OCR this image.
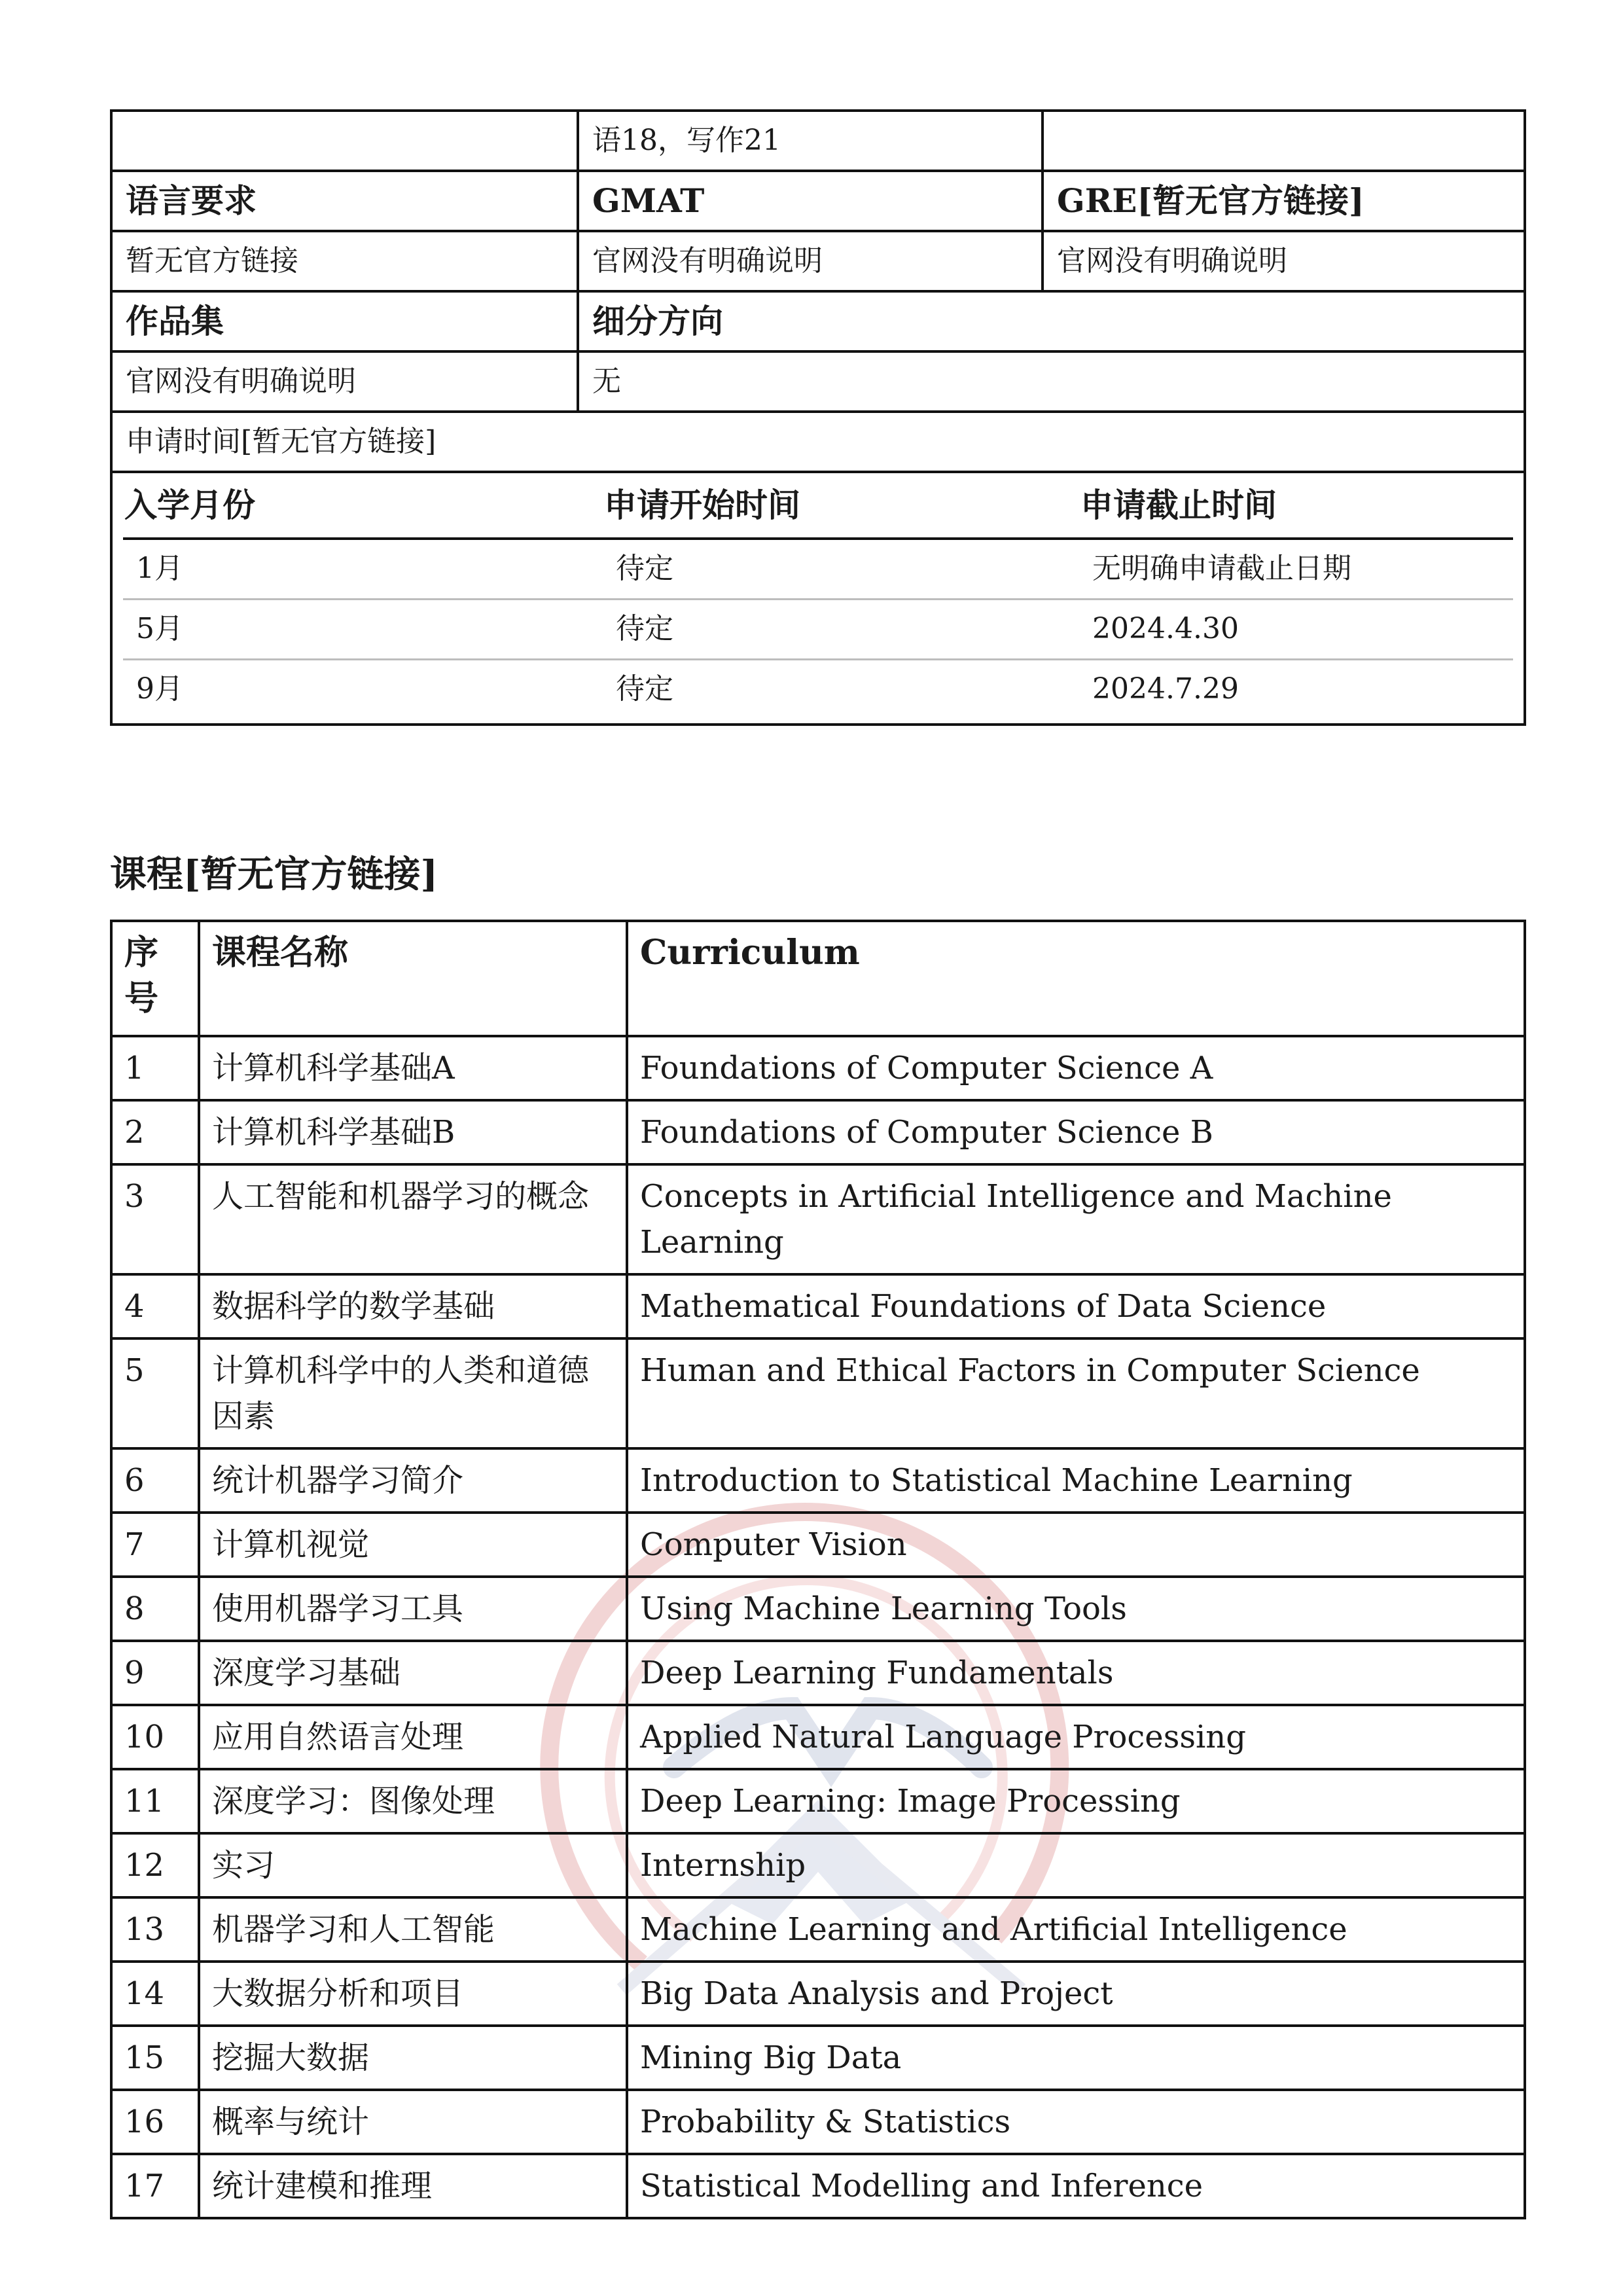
	语18，写作21	
语言要求	GMAT	GRE[暂无官方链接]
暂无官方链接	官网没有明确说明	官网没有明确说明
作品集	细分方向
官网没有明确说明	无
申请时间[暂无官方链接]

入学月份	申请开始时间	申请截止时间
1月	待定	无明确申请截止日期
5月	待定	2024.4.30
9月	待定	2024.7.29
课程[暂无官方链接]
序号	课程名称	Curriculum
1	计算机科学基础A	Foundations of Computer Science A
2	计算机科学基础B	Foundations of Computer Science B
3	人工智能和机器学习的概念	Concepts in Artificial Intelligence and Machine Learning
4	数据科学的数学基础	Mathematical Foundations of Data Science
5	计算机科学中的人类和道德因素	Human and Ethical Factors in Computer Science
6	统计机器学习简介	Introduction to Statistical Machine Learning
7	计算机视觉	Computer Vision
8	使用机器学习工具	Using Machine Learning Tools
9	深度学习基础	Deep Learning Fundamentals
10	应用自然语言处理	Applied Natural Language Processing
11	深度学习：图像处理	Deep Learning: Image Processing
12	实习	Internship
13	机器学习和人工智能	Machine Learning and Artificial Intelligence
14	大数据分析和项目	Big Data Analysis and Project
15	挖掘大数据	Mining Big Data
16	概率与统计	Probability & Statistics
17	统计建模和推理	Statistical Modelling and Inference
